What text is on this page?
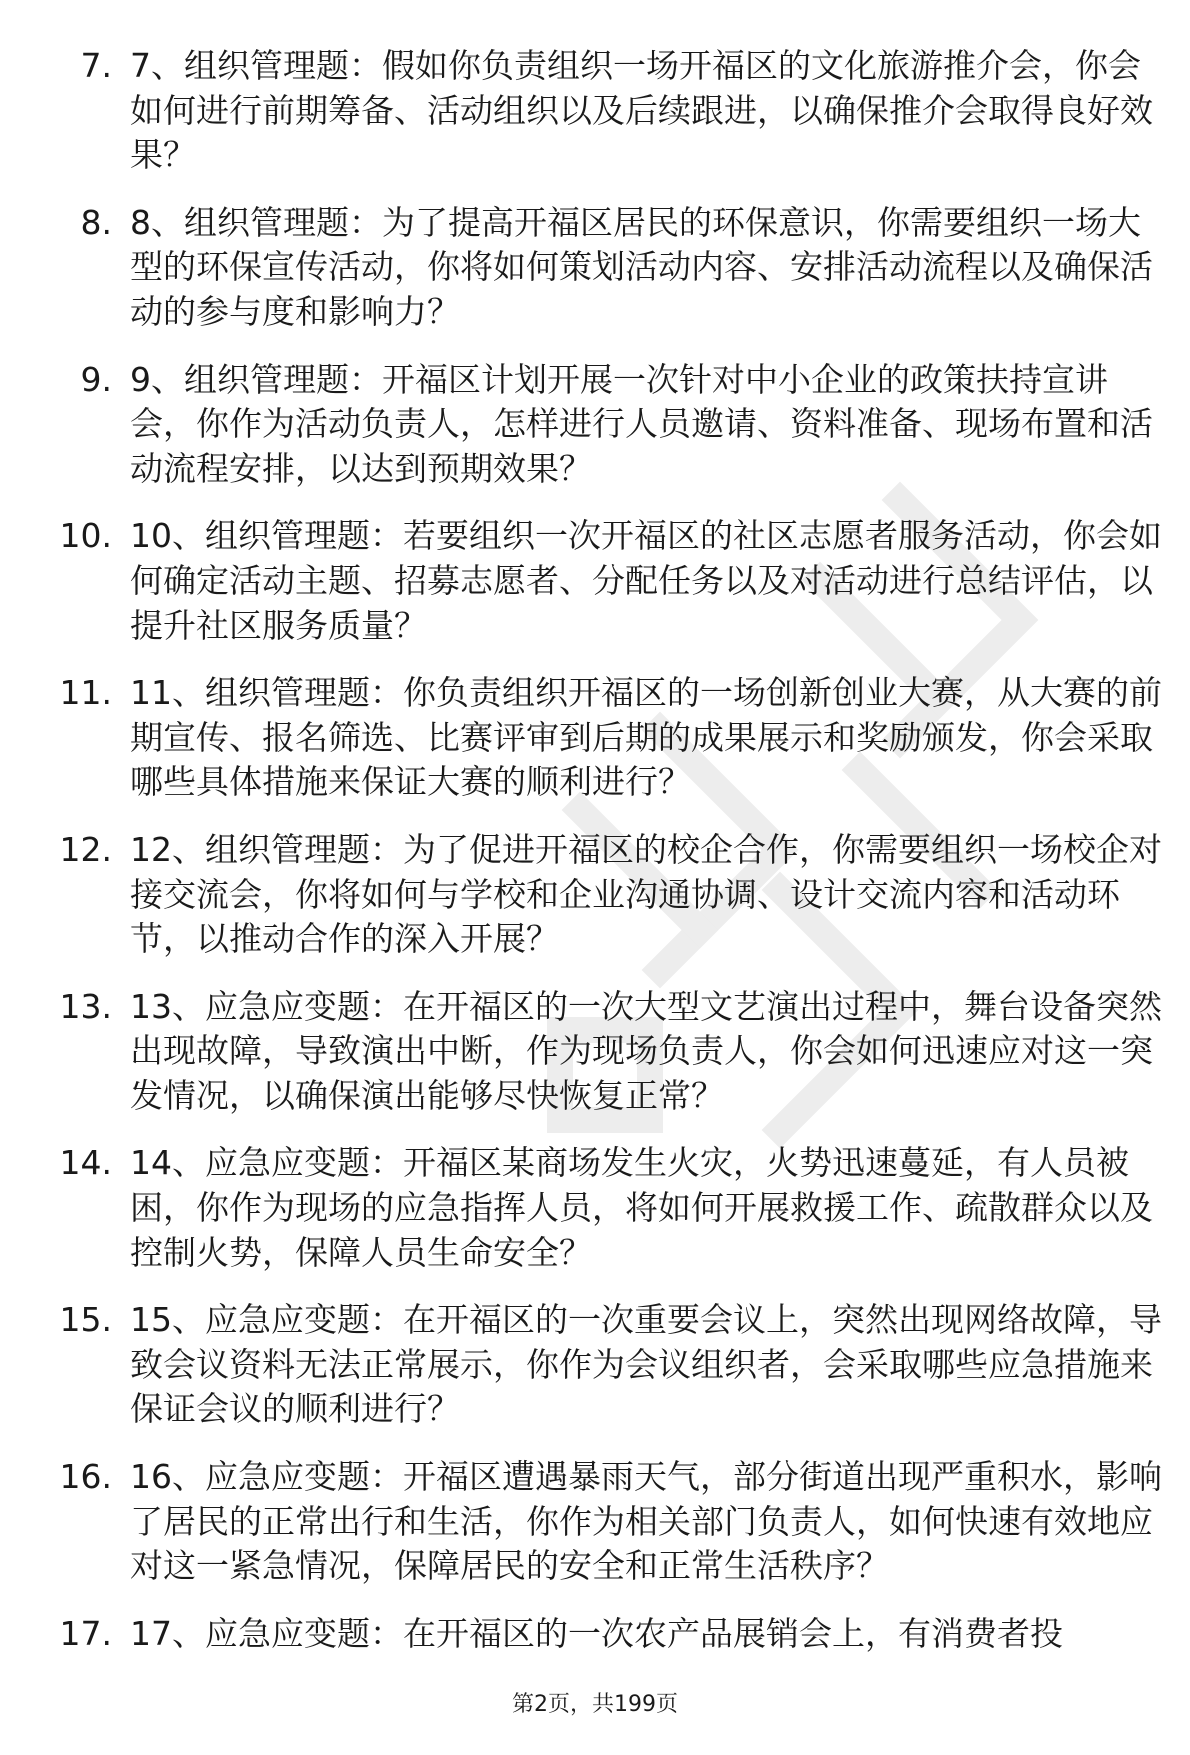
7. 7、组织管理题：假如你负责组织一场开福区的文化旅游推介会，你会如何进行前期筹备、活动组织以及后续跟进，以确保推介会取得良好效果？
8. 8、组织管理题：为了提高开福区居民的环保意识，你需要组织一场大型的环保宣传活动，你将如何策划活动内容、安排活动流程以及确保活动的参与度和影响力？
9. 9、组织管理题：开福区计划开展一次针对中小企业的政策扶持宣讲会，你作为活动负责人，怎样进行人员邀请、资料准备、现场布置和活动流程安排，以达到预期效果？
10. 10、组织管理题：若要组织一次开福区的社区志愿者服务活动，你会如何确定活动主题、招募志愿者、分配任务以及对活动进行总结评估，以提升社区服务质量？
11. 11、组织管理题：你负责组织开福区的一场创新创业大赛，从大赛的前期宣传、报名筛选、比赛评审到后期的成果展示和奖励颁发，你会采取哪些具体措施来保证大赛的顺利进行？
12. 12、组织管理题：为了促进开福区的校企合作，你需要组织一场校企对接交流会，你将如何与学校和企业沟通协调、设计交流内容和活动环节，以推动合作的深入开展？
13. 13、应急应变题：在开福区的一次大型文艺演出过程中，舞台设备突然出现故障，导致演出中断，作为现场负责人，你会如何迅速应对这一突发情况，以确保演出能够尽快恢复正常？
14. 14、应急应变题：开福区某商场发生火灾，火势迅速蔓延，有人员被困，你作为现场的应急指挥人员，将如何开展救援工作、疏散群众以及控制火势，保障人员生命安全？
15. 15、应急应变题：在开福区的一次重要会议上，突然出现网络故障，导致会议资料无法正常展示，你作为会议组织者，会采取哪些应急措施来保证会议的顺利进行？
16. 16、应急应变题：开福区遭遇暴雨天气，部分街道出现严重积水，影响了居民的正常出行和生活，你作为相关部门负责人，如何快速有效地应对这一紧急情况，保障居民的安全和正常生活秩序？
17. 17、应急应变题：在开福区的一次农产品展销会上，有消费者投
第2页，共199页
